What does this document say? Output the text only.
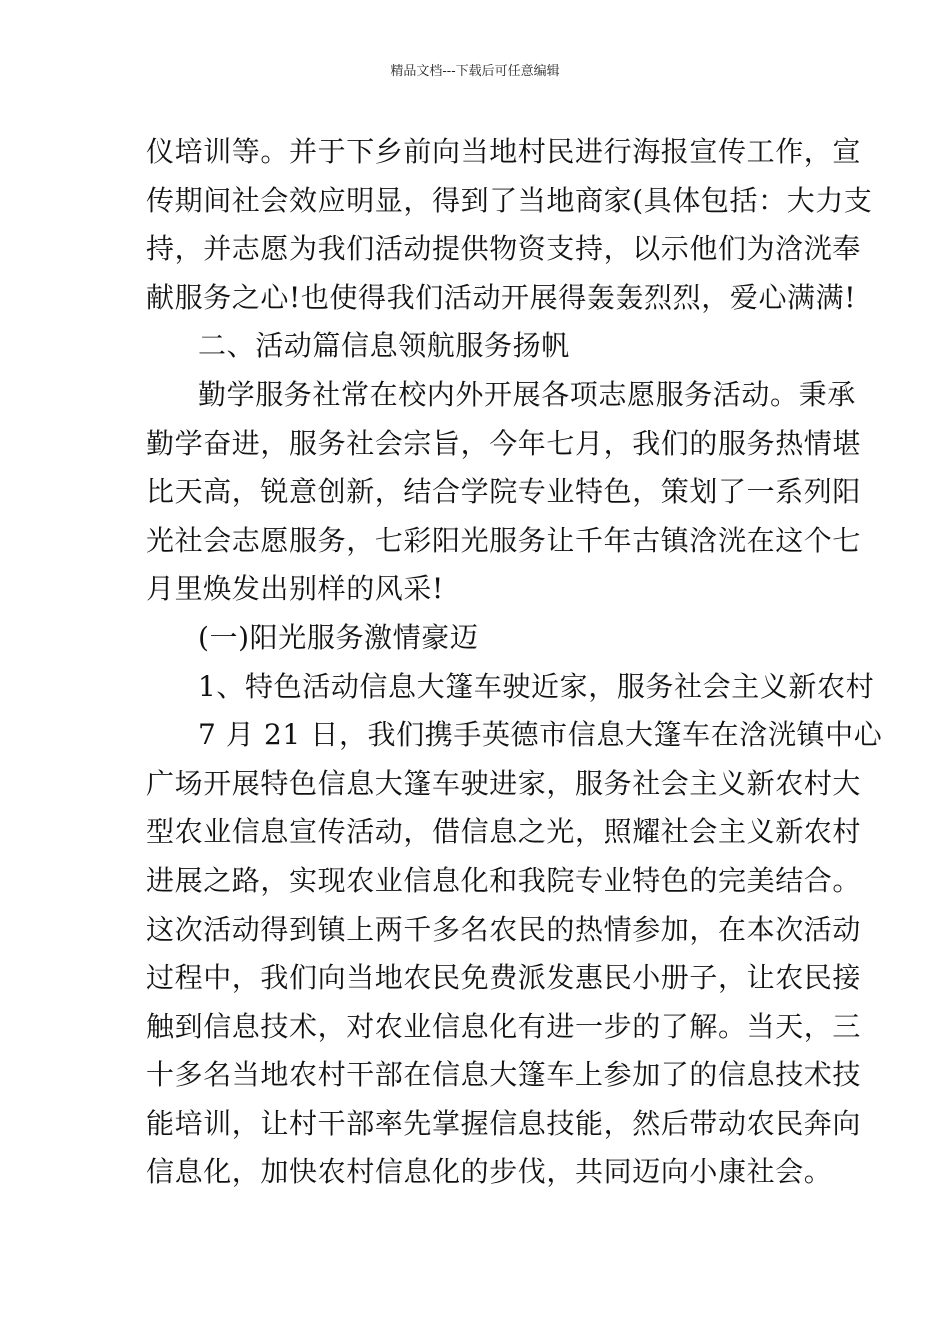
精品文档---下载后可任意编辑
仪培训等。并于下乡前向当地村民进行海报宣传工作，宣
传期间社会效应明显，得到了当地商家(具体包括：大力支
持，并志愿为我们活动提供物资支持，以示他们为浛洸奉
献服务之心!也使得我们活动开展得轰轰烈烈，爱心满满!
二、活动篇信息领航服务扬帆
勤学服务社常在校内外开展各项志愿服务活动。秉承
勤学奋进，服务社会宗旨，今年七月，我们的服务热情堪
比天高，锐意创新，结合学院专业特色，策划了一系列阳
光社会志愿服务，七彩阳光服务让千年古镇浛洸在这个七
月里焕发出别样的风采!
(一)阳光服务激情豪迈
1、特色活动信息大篷车驶近家，服务社会主义新农村
7 月 21 日，我们携手英德市信息大篷车在浛洸镇中心
广场开展特色信息大篷车驶进家，服务社会主义新农村大
型农业信息宣传活动，借信息之光，照耀社会主义新农村
进展之路，实现农业信息化和我院专业特色的完美结合。
这次活动得到镇上两千多名农民的热情参加，在本次活动
过程中，我们向当地农民免费派发惠民小册子，让农民接
触到信息技术，对农业信息化有进一步的了解。当天，三
十多名当地农村干部在信息大篷车上参加了的信息技术技
能培训，让村干部率先掌握信息技能，然后带动农民奔向
信息化，加快农村信息化的步伐，共同迈向小康社会。
